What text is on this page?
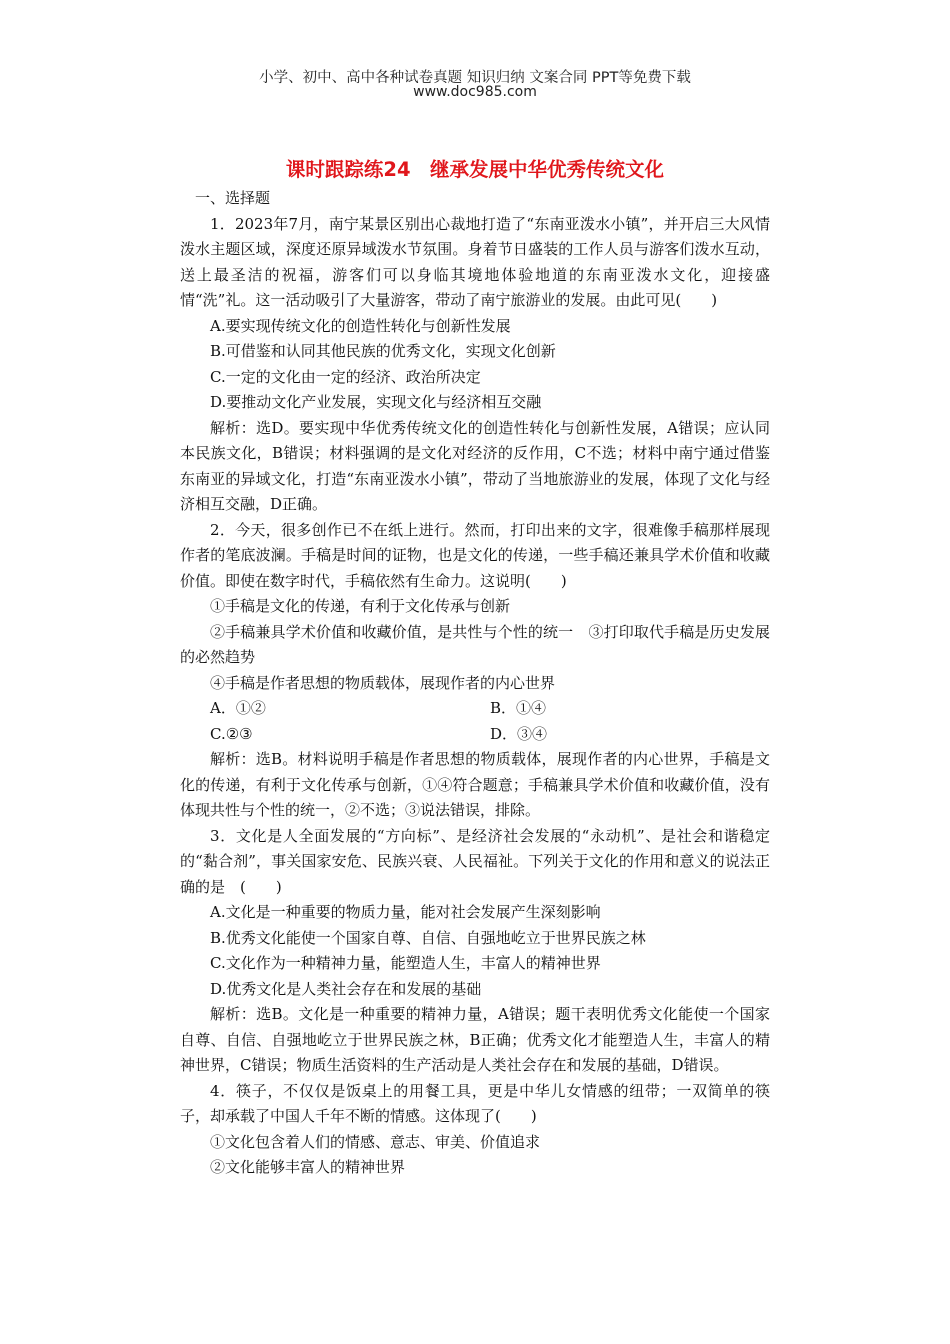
小学、初中、高中各种试卷真题 知识归纳 文案合同 PPT等免费下载
www.doc985.com
课时跟踪练24　继承发展中华优秀传统文化

一、选择题

1．2023年7月，南宁某景区别出心裁地打造了“东南亚泼水小镇”，并开启三大风情泼水主题区域，深度还原异域泼水节氛围。身着节日盛装的工作人员与游客们泼水互动，送上最圣洁的祝福，游客们可以身临其境地体验地道的东南亚泼水文化，迎接盛情“洗”礼。这一活动吸引了大量游客，带动了南宁旅游业的发展。由此可见(　　)

A.要实现传统文化的创造性转化与创新性发展

B.可借鉴和认同其他民族的优秀文化，实现文化创新

C.一定的文化由一定的经济、政治所决定

D.要推动文化产业发展，实现文化与经济相互交融

解析：选D。要实现中华优秀传统文化的创造性转化与创新性发展，A错误；应认同本民族文化，B错误；材料强调的是文化对经济的反作用，C不选；材料中南宁通过借鉴东南亚的异域文化，打造“东南亚泼水小镇”，带动了当地旅游业的发展，体现了文化与经济相互交融，D正确。

2．今天，很多创作已不在纸上进行。然而，打印出来的文字，很难像手稿那样展现作者的笔底波澜。手稿是时间的证物，也是文化的传递，一些手稿还兼具学术价值和收藏价值。即使在数字时代，手稿依然有生命力。这说明(　　)

①手稿是文化的传递，有利于文化传承与创新

②手稿兼具学术价值和收藏价值，是共性与个性的统一　③打印取代手稿是历史发展的必然趋势

④手稿是作者思想的物质载体，展现作者的内心世界

A．①②	B．①④
C.②③	D．③④

解析：选B。材料说明手稿是作者思想的物质载体，展现作者的内心世界，手稿是文化的传递，有利于文化传承与创新，①④符合题意；手稿兼具学术价值和收藏价值，没有体现共性与个性的统一，②不选；③说法错误，排除。

3．文化是人全面发展的“方向标”、是经济社会发展的“永动机”、是社会和谐稳定的“黏合剂”，事关国家安危、民族兴衰、人民福祉。下列关于文化的作用和意义的说法正确的是　(　　)

A.文化是一种重要的物质力量，能对社会发展产生深刻影响

B.优秀文化能使一个国家自尊、自信、自强地屹立于世界民族之林

C.文化作为一种精神力量，能塑造人生，丰富人的精神世界

D.优秀文化是人类社会存在和发展的基础

解析：选B。文化是一种重要的精神力量，A错误；题干表明优秀文化能使一个国家自尊、自信、自强地屹立于世界民族之林，B正确；优秀文化才能塑造人生，丰富人的精神世界，C错误；物质生活资料的生产活动是人类社会存在和发展的基础，D错误。

4．筷子，不仅仅是饭桌上的用餐工具，更是中华儿女情感的纽带；一双简单的筷子，却承载了中国人千年不断的情感。这体现了(　　)

①文化包含着人们的情感、意志、审美、价值追求

②文化能够丰富人的精神世界
